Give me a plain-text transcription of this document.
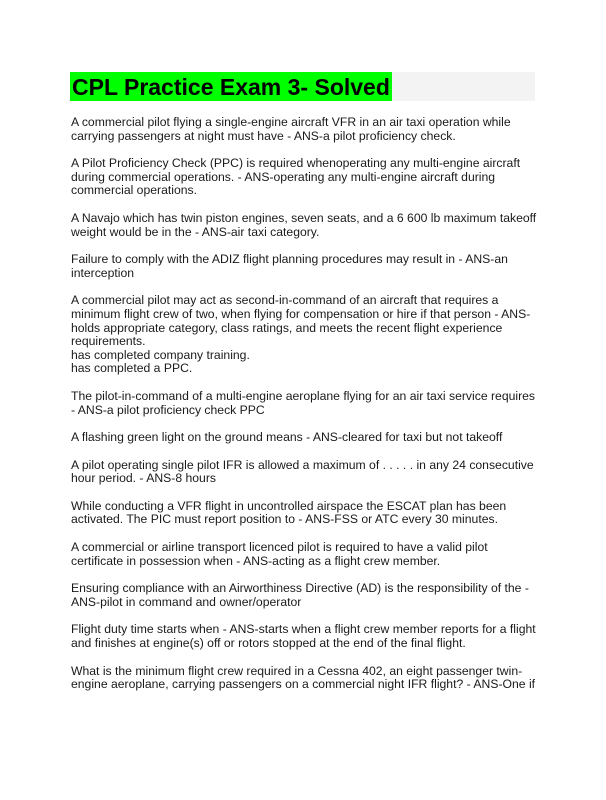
CPL Practice Exam 3- Solved

A commercial pilot flying a single-engine aircraft VFR in an air taxi operation while carrying passengers at night must have - ANS-a pilot proficiency check.

A Pilot Proficiency Check (PPC) is required whenoperating any multi-engine aircraft during commercial operations. - ANS-operating any multi-engine aircraft during commercial operations.

A Navajo which has twin piston engines, seven seats, and a 6 600 lb maximum takeoff weight would be in the - ANS-air taxi category.

Failure to comply with the ADIZ flight planning procedures may result in - ANS-an interception

A commercial pilot may act as second-in-command of an aircraft that requires a minimum flight crew of two, when flying for compensation or hire if that person - ANS-holds appropriate category, class ratings, and meets the recent flight experience requirements.
has completed company training.
has completed a PPC.

The pilot-in-command of a multi-engine aeroplane flying for an air taxi service requires - ANS-a pilot proficiency check PPC

A flashing green light on the ground means - ANS-cleared for taxi but not takeoff

A pilot operating single pilot IFR is allowed a maximum of . . . . . in any 24 consecutive hour period. - ANS-8 hours

While conducting a VFR flight in uncontrolled airspace the ESCAT plan has been activated. The PIC must report position to - ANS-FSS or ATC every 30 minutes.

A commercial or airline transport licenced pilot is required to have a valid pilot certificate in possession when - ANS-acting as a flight crew member.

Ensuring compliance with an Airworthiness Directive (AD) is the responsibility of the - ANS-pilot in command and owner/operator

Flight duty time starts when - ANS-starts when a flight crew member reports for a flight and finishes at engine(s) off or rotors stopped at the end of the final flight.

What is the minimum flight crew required in a Cessna 402, an eight passenger twin-engine aeroplane, carrying passengers on a commercial night IFR flight? - ANS-One if
